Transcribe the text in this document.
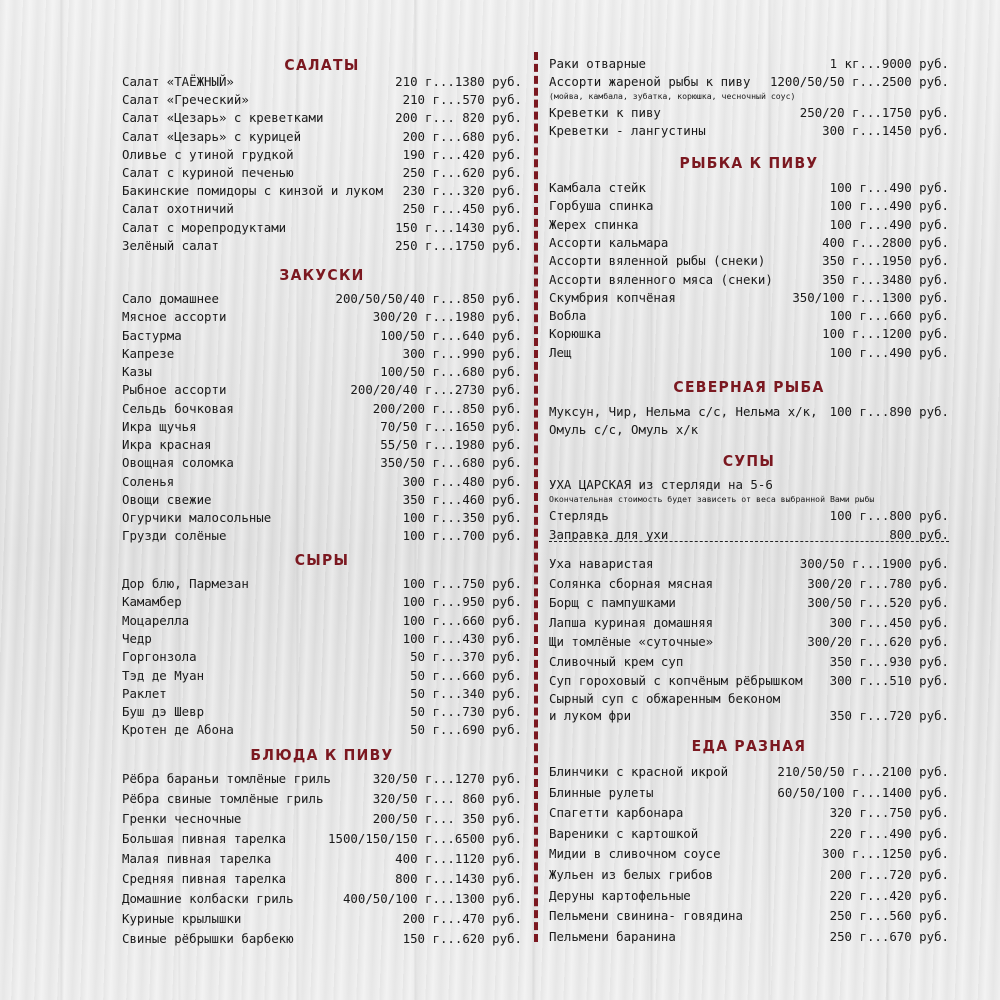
САЛАТЫ
Салат «ТАЁЖНЫЙ»	210 г...1380 руб.
Салат «Греческий»	210 г...570 руб.
Салат «Цезарь» с креветками	200 г... 820 руб.
Салат «Цезарь» с курицей	200 г...680 руб.
Оливье с утиной грудкой	190 г...420 руб.
Салат с куриной печенью	250 г...620 руб.
Бакинские помидоры с кинзой и луком 230 г...320 руб.
Салат охотничий	250 г...450 руб.
Салат с морепродуктами	150 г...1430 руб.
Зелёный салат	250 г...1750 руб.
ЗАКУСКИ
Сало домашнее	200/50/50/40 г...850 руб.
Мясное ассорти	300/20 г...1980 руб.
Бастурма	100/50 г...640 руб.
Капрезе	300 г...990 руб.
Казы	100/50 г...680 руб.
Рыбное ассорти	200/20/40 г...2730 руб.
Сельдь бочковая	200/200 г...850 руб.
Икра щучья	70/50 г...1650 руб.
Икра красная	55/50 г...1980 руб.
Овощная соломка	350/50 г...680 руб.
Соленья	300 г...480 руб.
Овощи свежие	350 г...460 руб.
Огурчики малосольные	100 г...350 руб.
Грузди солёные	100 г...700 руб.
СЫРЫ
Дор блю, Пармезан	100 г...750 руб.
Камамбер	100 г...950 руб.
Моцарелла	100 г...660 руб.
Чедр	100 г...430 руб.
Горгонзола	50 г...370 руб.
Тэд де Муан	50 г...660 руб.
Раклет	50 г...340 руб.
Буш дэ Шевр	50 г...730 руб.
Кротен де Абона	50 г...690 руб.
БЛЮДА К ПИВУ
Рёбра бараньи томлёные гриль	320/50 г...1270 руб.
Рёбра свиные томлёные гриль	320/50 г... 860 руб.
Гренки чесночные	200/50 г... 350 руб.
Большая пивная тарелка	1500/150/150 г...6500 руб.
Малая пивная тарелка	400 г...1120 руб.
Средняя пивная тарелка	800 г...1430 руб.
Домашние колбаски гриль	400/50/100 г...1300 руб.
Куриные крылышки	200 г...470 руб.
Свиные рёбрышки барбекю	150 г...620 руб.
Раки отварные	1 кг...9000 руб.
Ассорти жареной рыбы к пиву 1200/50/50 г...2500 руб.
(мойва, камбала, зубатка, корюшка, чесночный соус)
Креветки к пиву	250/20 г...1750 руб.
Креветки - лангустины	300 г...1450 руб.
РЫБКА К ПИВУ
Камбала стейк	100 г...490 руб.
Горбуша спинка	100 г...490 руб.
Жерех спинка	100 г...490 руб.
Ассорти кальмара	400 г...2800 руб.
Ассорти вяленной рыбы (снеки)	350 г...1950 руб.
Ассорти вяленного мяса (снеки)	350 г...3480 руб.
Скумбрия копчёная	350/100 г...1300 руб.
Вобла	100 г...660 руб.
Корюшка	100 г...1200 руб.
Лещ	100 г...490 руб.
СЕВЕРНАЯ РЫБА
Муксун, Чир, Нельма с/с, Нельма х/к, 100 г...890 руб.
Омуль с/с, Омуль х/к
СУПЫ
УХА ЦАРСКАЯ из стерляди на 5-6
Окончательная стоимость будет зависеть от веса выбранной Вами рыбы
Стерлядь	100 г...800 руб.
Заправка для ухи	800 руб.
Уха наваристая	300/50 г...1900 руб.
Солянка сборная мясная	300/20 г...780 руб.
Борщ с пампушками	300/50 г...520 руб.
Лапша куриная домашняя	300 г...450 руб.
Щи томлёные «суточные»	300/20 г...620 руб.
Сливочный крем суп	350 г...930 руб.
Суп гороховый с копчёным рёбрышком 300 г...510 руб.
Сырный суп с обжаренным беконом
и луком фри	350 г...720 руб.
ЕДА РАЗНАЯ
Блинчики с красной икрой	210/50/50 г...2100 руб.
Блинные рулеты	60/50/100 г...1400 руб.
Спагетти карбонара	320 г...750 руб.
Вареники с картошкой	220 г...490 руб.
Мидии в сливочном соусе	300 г...1250 руб.
Жульен из белых грибов	200 г...720 руб.
Деруны картофельные	220 г...420 руб.
Пельмени свинина- говядина	250 г...560 руб.
Пельмени баранина	250 г...670 руб.
